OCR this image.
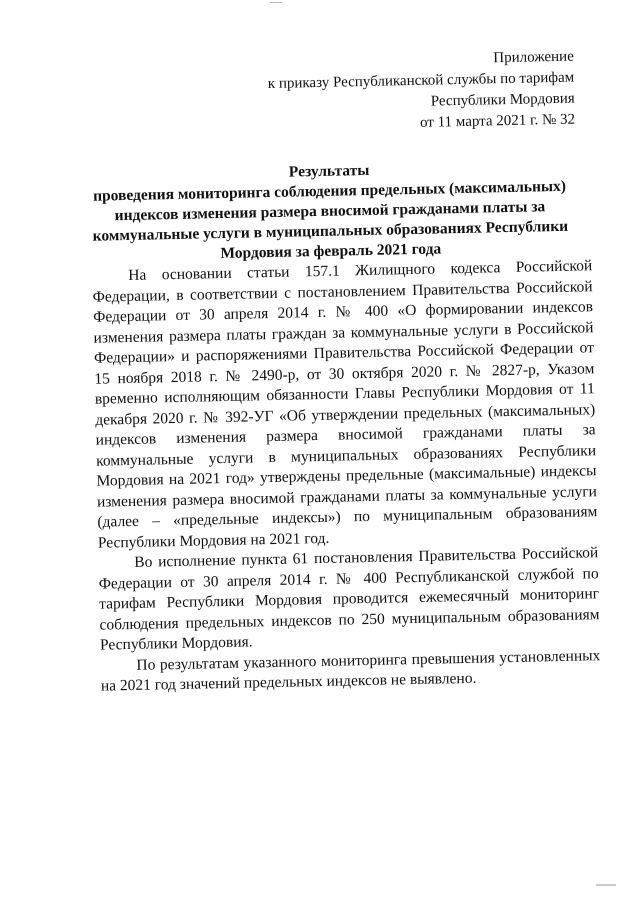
Приложение
к приказу Республиканской службы по тарифам
Республики Мордовия
от 11 марта 2021 г. № 32
Результаты
проведения мониторинга соблюдения предельных (максимальных)
индексов изменения размера вносимой гражданами платы за
коммунальные услуги в муниципальных образованиях Республики
Мордовия за февраль 2021 года

На основании статьи 157.1 Жилищного кодекса Российской Федерации, в соответствии с постановлением Правительства Российской Федерации от 30 апреля 2014 г. № 400 «О формировании индексов изменения размера платы граждан за коммунальные услуги в Российской Федерации» и распоряжениями Правительства Российской Федерации от 15 ноября 2018 г. № 2490-р, от 30 октября 2020 г. № 2827-р, Указом временно исполняющим обязанности Главы Республики Мордовия от 11 декабря 2020 г. № 392-УГ «Об утверждении предельных (максимальных) индексов изменения размера вносимой гражданами платы за коммунальные услуги в муниципальных образованиях Республики Мордовия на 2021 год» утверждены предельные (максимальные) индексы изменения размера вносимой гражданами платы за коммунальные услуги (далее – «предельные индексы») по муниципальным образованиям Республики Мордовия на 2021 год.

Во исполнение пункта 61 постановления Правительства Российской Федерации от 30 апреля 2014 г. № 400 Республиканской службой по тарифам Республики Мордовия проводится ежемесячный мониторинг соблюдения предельных индексов по 250 муниципальным образованиям Республики Мордовия.

По результатам указанного мониторинга превышения установленных на 2021 год значений предельных индексов не выявлено.
